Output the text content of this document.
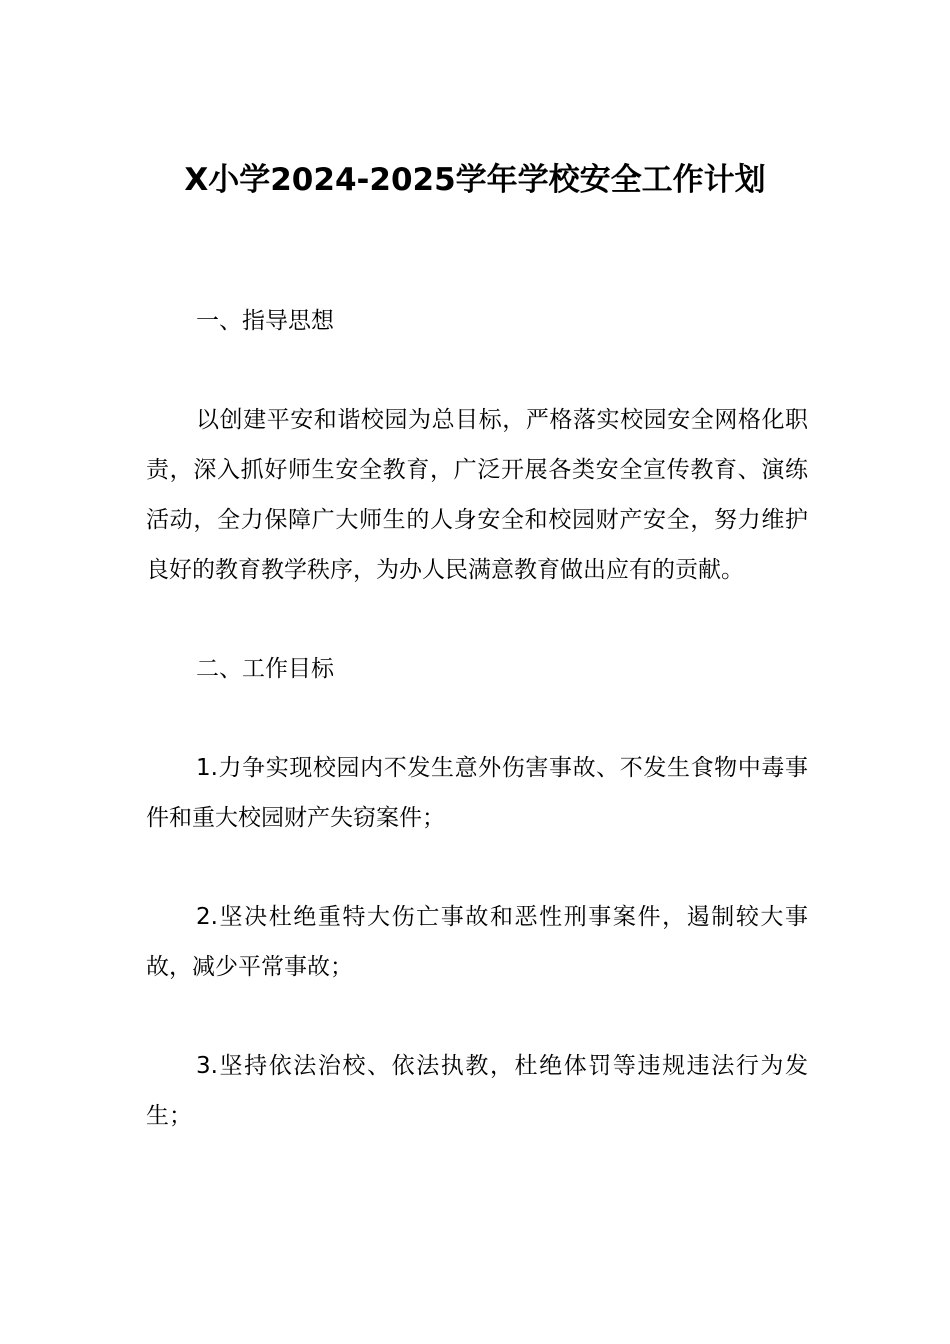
X小学2024-2025学年学校安全工作计划

一、指导思想

以创建平安和谐校园为总目标，严格落实校园安全网格化职责，深入抓好师生安全教育，广泛开展各类安全宣传教育、演练活动，全力保障广大师生的人身安全和校园财产安全，努力维护良好的教育教学秩序，为办人民满意教育做出应有的贡献。

二、工作目标

1.力争实现校园内不发生意外伤害事故、不发生食物中毒事件和重大校园财产失窃案件；

2.坚决杜绝重特大伤亡事故和恶性刑事案件，遏制较大事故，减少平常事故；

3.坚持依法治校、依法执教，杜绝体罚等违规违法行为发生；
